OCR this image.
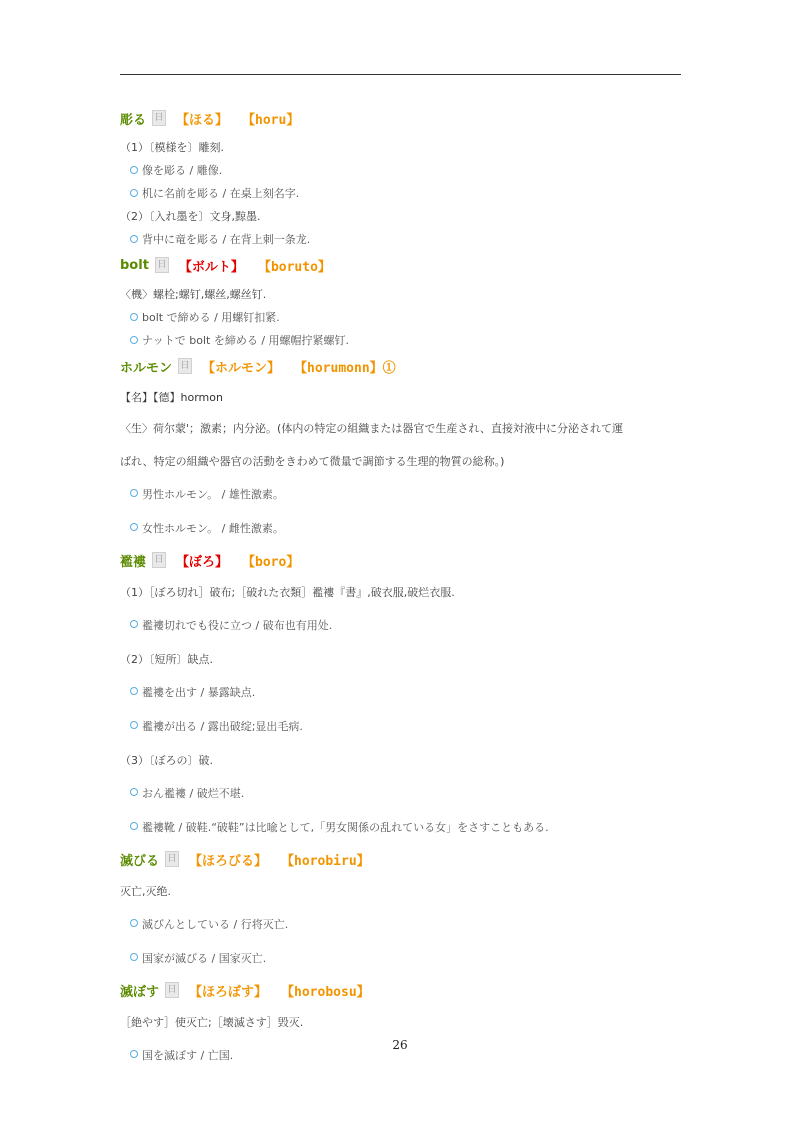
彫る 日 【ほる】 【horu】
（1）〔模様を〕雕刻.
像を彫る / 雕像.
机に名前を彫る / 在桌上刻名字.
（2）〔入れ墨を〕文身,黥墨.
背中に竜を彫る / 在背上刺一条龙.
bolt 日 【ボルト】 【boruto】
〈機〉螺栓;螺钉,螺丝,螺丝钉.
bolt で締める / 用螺钉扣紧.
ナットで bolt を締める / 用螺帽拧紧螺钉.
ホルモン 日 【ホルモン】 【horumonn】①
【名】【德】hormon
〈生〉荷尔蒙'；激素；内分泌。(体内の特定の組織または器官で生産され、直接対液中に分泌されて運
ばれ、特定の組織や器官の活動をきわめて微量で調節する生理的物質の総称。)
男性ホルモン。 / 雄性激素。
女性ホルモン。 / 雌性激素。
襤褸 日 【ぼろ】 【boro】
（1）［ぼろ切れ］破布;［破れた衣類］襤褸『書』,破衣服,破烂衣服.
襤褸切れでも役に立つ / 破布也有用处.
（2）〔短所〕缺点.
襤褸を出す / 暴露缺点.
襤褸が出る / 露出破绽;显出毛病.
（3）〔ぼろの〕破.
おん襤褸 / 破烂不堪.
襤褸靴 / 破鞋.“破鞋”は比喩として,「男女関係の乱れている女」をさすこともある.
滅びる 日 【ほろびる】 【horobiru】
灭亡,灭绝.
滅びんとしている / 行将灭亡.
国家が滅びる / 国家灭亡.
滅ぼす 日 【ほろぼす】 【horobosu】
［絶やす］使灭亡;［壊滅さす］毁灭.
国を滅ぼす / 亡国.
26
